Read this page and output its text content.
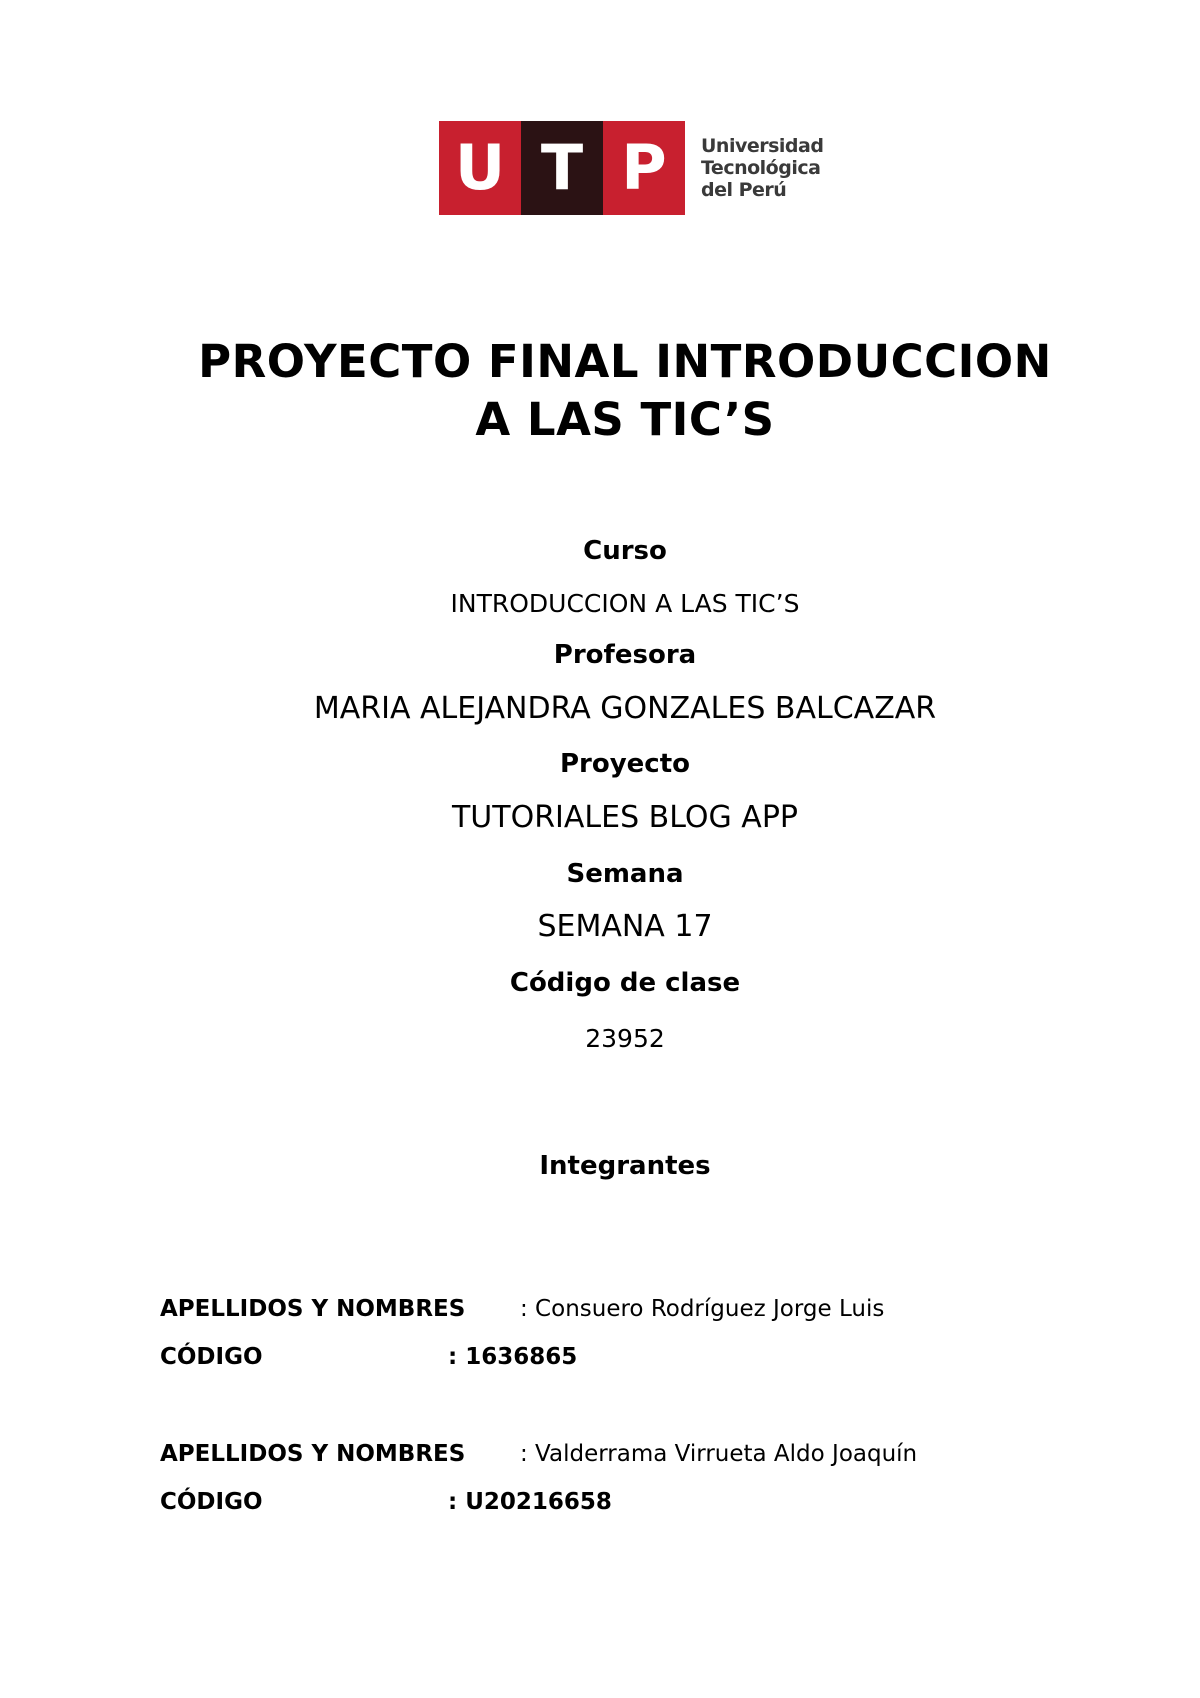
U T P	Universidad
Tecnológica
del Perú
PROYECTO FINAL INTRODUCCION
A LAS TIC’S
Curso
INTRODUCCION A LAS TIC’S
Profesora
MARIA ALEJANDRA GONZALES BALCAZAR
Proyecto
TUTORIALES BLOG APP
Semana
SEMANA 17
Código de clase
23952
Integrantes
APELLIDOS Y NOMBRES : Consuero Rodríguez Jorge Luis
CÓDIGO	: 1636865
APELLIDOS Y NOMBRES : Valderrama Virrueta Aldo Joaquín
CÓDIGO	: U20216658
